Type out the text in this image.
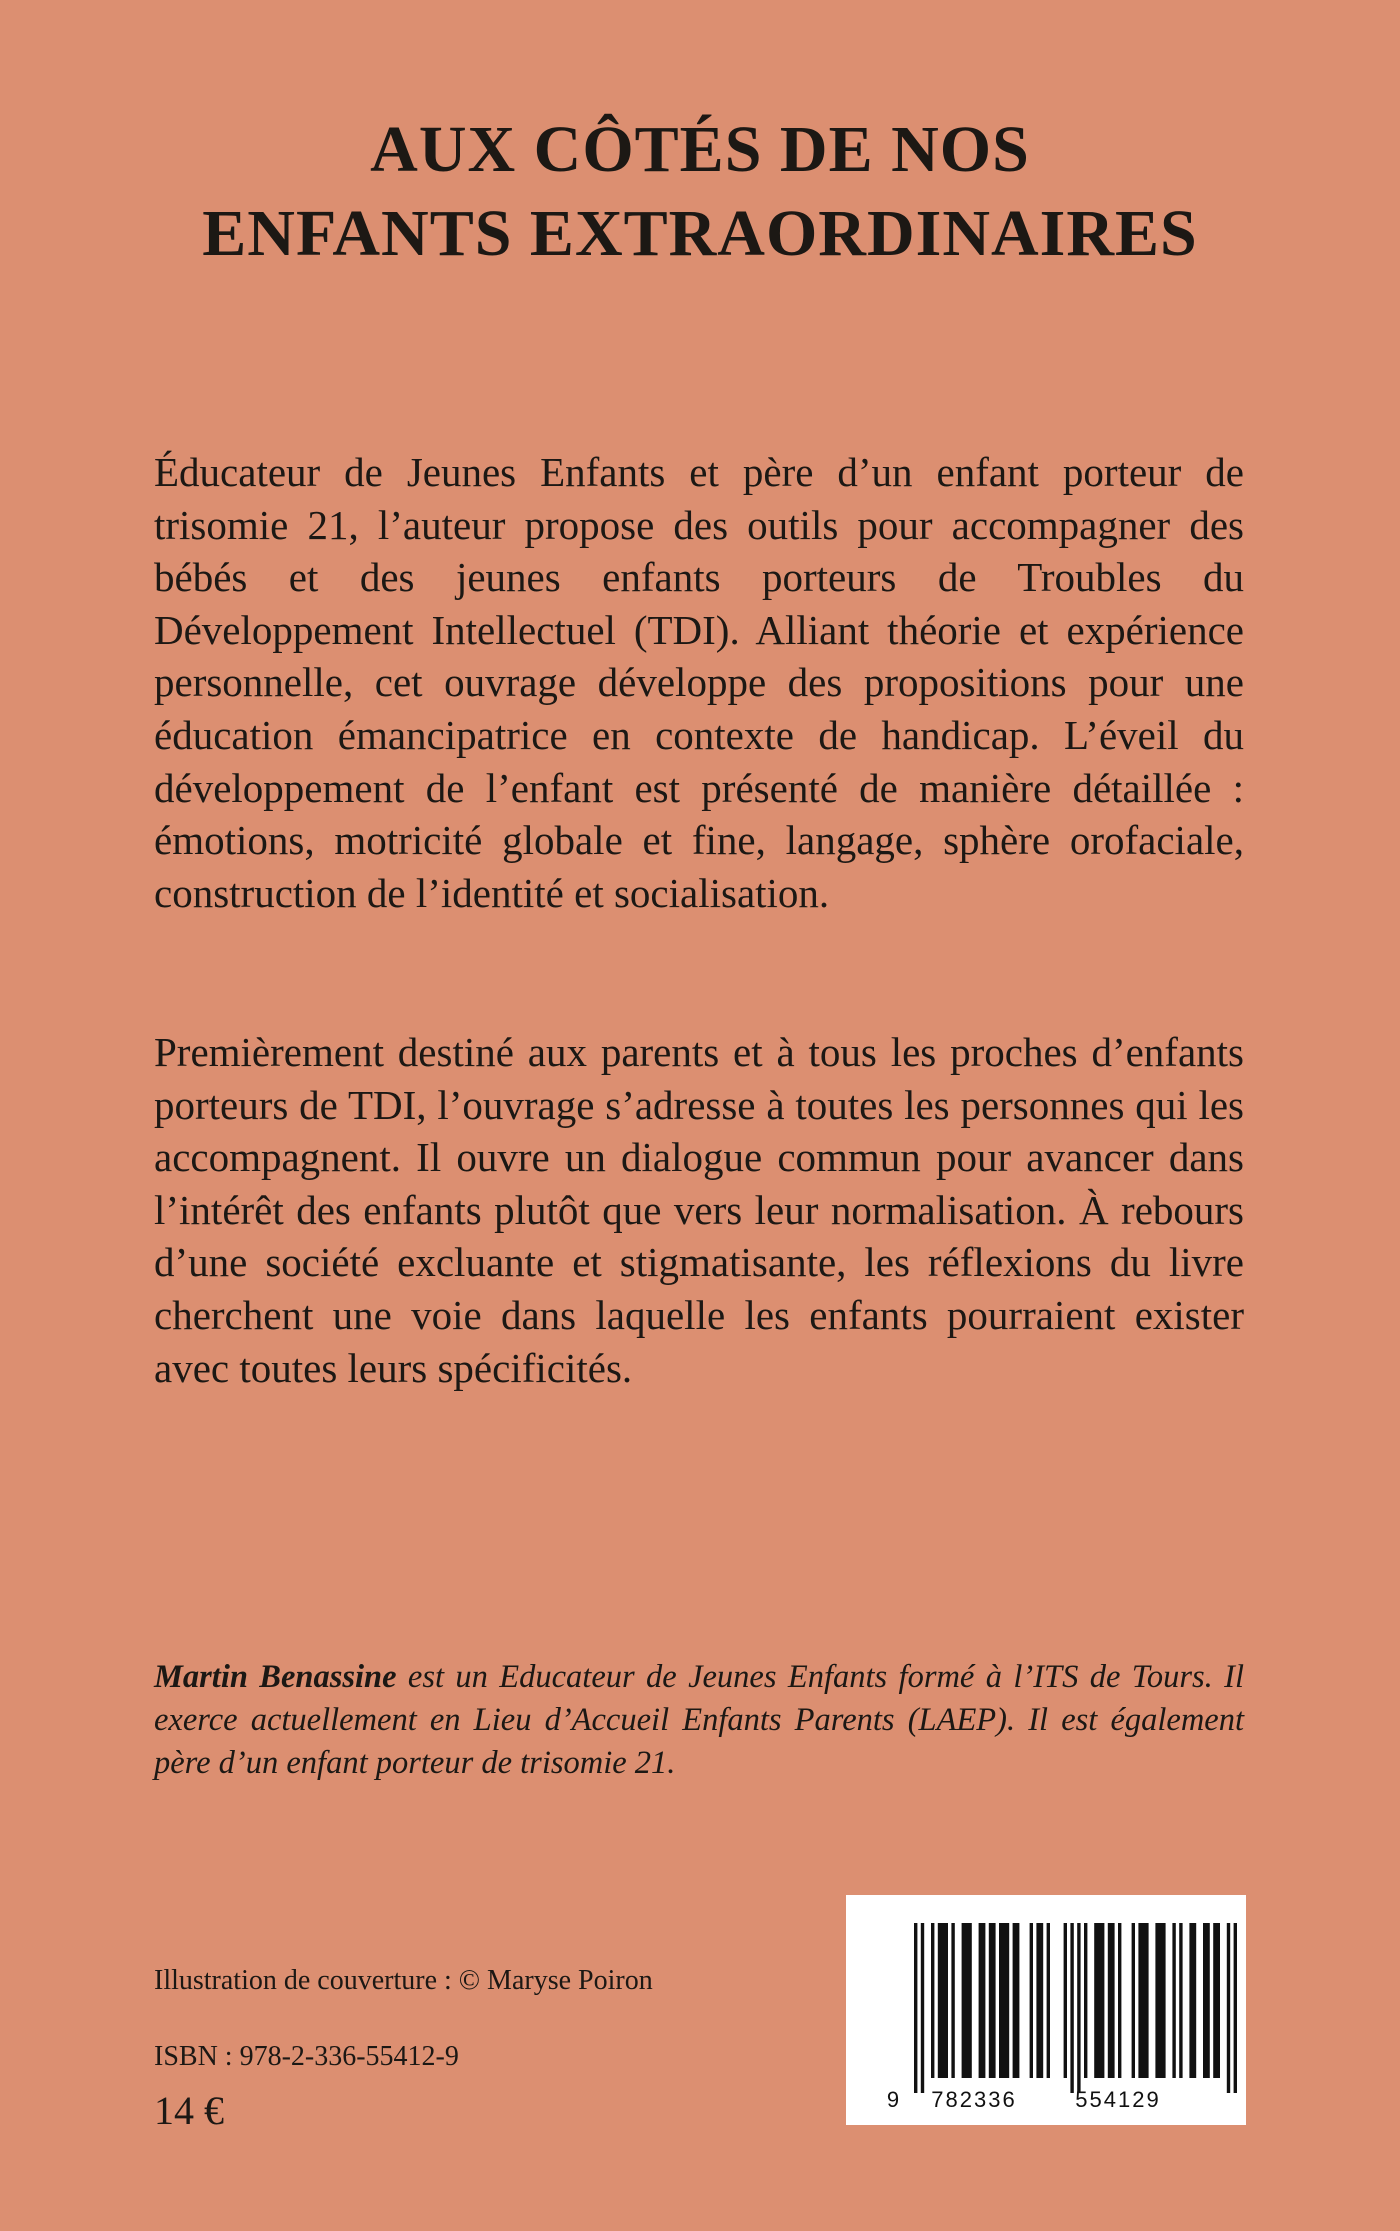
AUX CÔTÉS DE NOS
ENFANTS EXTRAORDINAIRES

Éducateur de Jeunes Enfants et père d’un enfant porteur de trisomie 21, l’auteur propose des outils pour accompagner des bébés et des jeunes enfants porteurs de Troubles du Développement Intellectuel (TDI). Alliant théorie et expérience personnelle, cet ouvrage développe des propositions pour une éducation émancipatrice en contexte de handicap. L’éveil du développement de l’enfant est présenté de manière détaillée : émotions, motricité globale et fine, langage, sphère orofaciale, construction de l’identité et socialisation.

Premièrement destiné aux parents et à tous les proches d’enfants porteurs de TDI, l’ouvrage s’adresse à toutes les personnes qui les accompagnent. Il ouvre un dialogue commun pour avancer dans l’intérêt des enfants plutôt que vers leur normalisation. À rebours d’une société excluante et stigmatisante, les réflexions du livre cherchent une voie dans laquelle les enfants pourraient exister avec toutes leurs spécificités.

Martin Benassine est un Educateur de Jeunes Enfants formé à l’ITS de Tours. Il exerce actuellement en Lieu d’Accueil Enfants Parents (LAEP). Il est également père d’un enfant porteur de trisomie 21.

Illustration de couverture : © Maryse Poiron

ISBN : 978-2-336-55412-9

14 €	9 782336	554129
